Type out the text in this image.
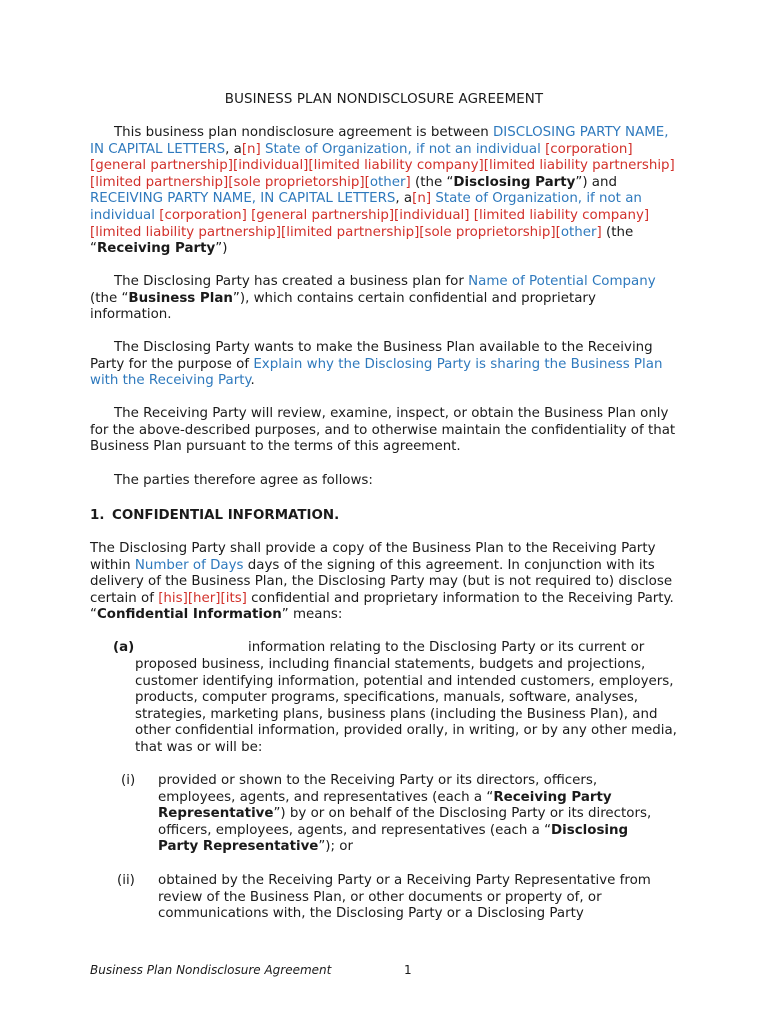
BUSINESS PLAN NONDISCLOSURE AGREEMENT
This business plan nondisclosure agreement is between DISCLOSING PARTY NAME, IN CAPITAL LETTERS, a[n] State of Organization, if not an individual [corporation] [general partnership][individual][limited liability company][limited liability partnership][limited partnership][sole proprietorship][other] (the “Disclosing Party”) and RECEIVING PARTY NAME, IN CAPITAL LETTERS, a[n] State of Organization, if not an individual [corporation] [general partnership][individual] [limited liability company][limited liability partnership][limited partnership][sole proprietorship][other] (the “Receiving Party”)
The Disclosing Party has created a business plan for Name of Potential Company (the “Business Plan”), which contains certain confidential and proprietary information.
The Disclosing Party wants to make the Business Plan available to the Receiving Party for the purpose of Explain why the Disclosing Party is sharing the Business Plan with the Receiving Party.
The Receiving Party will review, examine, inspect, or obtain the Business Plan only for the above-described purposes, and to otherwise maintain the confidentiality of that Business Plan pursuant to the terms of this agreement.
The parties therefore agree as follows:
1. CONFIDENTIAL INFORMATION.
The Disclosing Party shall provide a copy of the Business Plan to the Receiving Party within Number of Days days of the signing of this agreement. In conjunction with its delivery of the Business Plan, the Disclosing Party may (but is not required to) disclose certain of [his][her][its] confidential and proprietary information to the Receiving Party. “Confidential Information” means:
(a)	information relating to the Disclosing Party or its current or
proposed business, including financial statements, budgets and projections, customer identifying information, potential and intended customers, employers, products, computer programs, specifications, manuals, software, analyses, strategies, marketing plans, business plans (including the Business Plan), and other confidential information, provided orally, in writing, or by any other media, that was or will be:
(i) provided or shown to the Receiving Party or its directors, officers, employees, agents, and representatives (each a “Receiving Party Representative”) by or on behalf of the Disclosing Party or its directors, officers, employees, agents, and representatives (each a “Disclosing Party Representative”); or
(ii) obtained by the Receiving Party or a Receiving Party Representative from review of the Business Plan, or other documents or property of, or communications with, the Disclosing Party or a Disclosing Party
Business Plan Nondisclosure Agreement	1
